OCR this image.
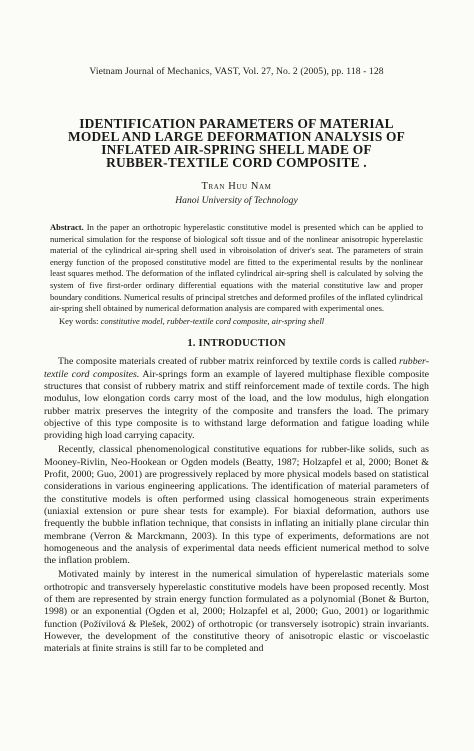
Vietnam Journal of Mechanics, VAST, Vol. 27, No. 2 (2005), pp. 118 - 128
IDENTIFICATION PARAMETERS OF MATERIAL
MODEL AND LARGE DEFORMATION ANALYSIS OF
INFLATED AIR-SPRING SHELL MADE OF
RUBBER-TEXTILE CORD COMPOSITE .
Tran Huu Nam
Hanoi University of Technology
Abstract. In the paper an orthotropic hyperelastic constitutive model is presented which can be applied to numerical simulation for the response of biological soft tissue and of the nonlinear anisotropic hyperelastic material of the cylindrical air-spring shell used in vibroisolation of driver's seat. The parameters of strain energy function of the proposed constitutive model are fitted to the experimental results by the nonlinear least squares method. The deformation of the inflated cylindrical air-spring shell is calculated by solving the system of five first-order ordinary differential equations with the material constitutive law and proper boundary conditions. Numerical results of principal stretches and deformed profiles of the inflated cylindrical air-spring shell obtained by numerical deformation analysis are compared with experimental ones.
Key words: constitutive model, rubber-textile cord composite, air-spring shell
1. INTRODUCTION

The composite materials created of rubber matrix reinforced by textile cords is called rubber-textile cord composites. Air-springs form an example of layered multiphase flexible composite structures that consist of rubbery matrix and stiff reinforcement made of textile cords. The high modulus, low elongation cords carry most of the load, and the low modulus, high elongation rubber matrix preserves the integrity of the composite and transfers the load. The primary objective of this type composite is to withstand large deformation and fatigue loading while providing high load carrying capacity.

Recently, classical phenomenological constitutive equations for rubber-like solids, such as Mooney-Rivlin, Neo-Hookean or Ogden models (Beatty, 1987; Holzapfel et al, 2000; Bonet & Profit, 2000; Guo, 2001) are progressively replaced by more physical models based on statistical considerations in various engineering applications. The identification of material parameters of the constitutive models is often performed using classical homogeneous strain experiments (uniaxial extension or pure shear tests for example). For biaxial deformation, authors use frequently the bubble inflation technique, that consists in inflating an initially plane circular thin membrane (Verron & Marckmann, 2003). In this type of experiments, deformations are not homogeneous and the analysis of experimental data needs efficient numerical method to solve the inflation problem.

Motivated mainly by interest in the numerical simulation of hyperelastic materials some orthotropic and transversely hyperelastic constitutive models have been proposed recently. Most of them are represented by strain energy function formulated as a polynomial (Bonet & Burton, 1998) or an exponential (Ogden et al, 2000; Holzapfel et al, 2000; Guo, 2001) or logarithmic function (Požívilová & Plešek, 2002) of orthotropic (or transversely isotropic) strain invariants. However, the development of the constitutive theory of anisotropic elastic or viscoelastic materials at finite strains is still far to be completed and
